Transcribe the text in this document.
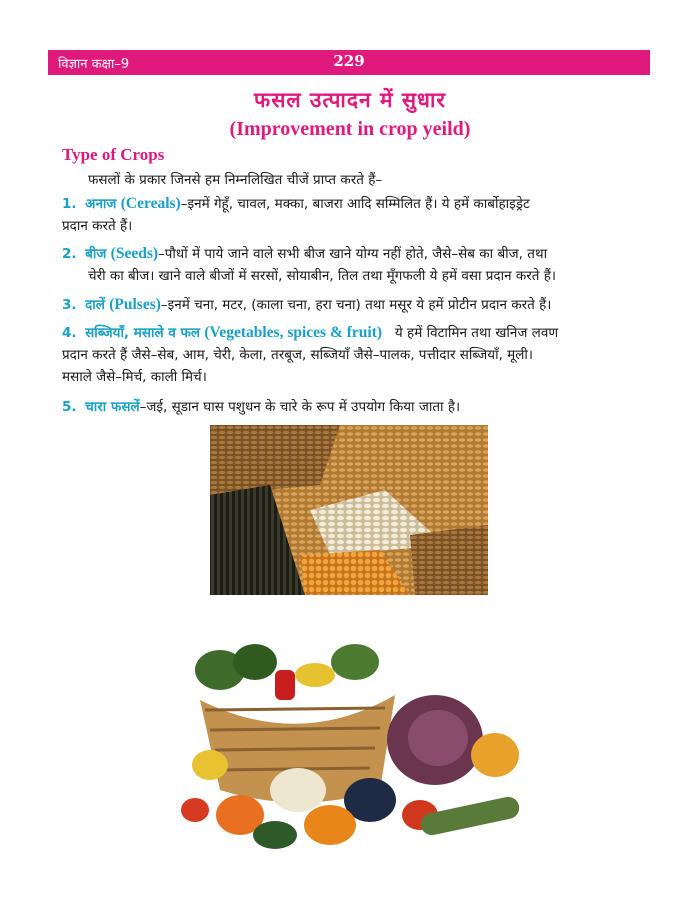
विज्ञान कक्षा–9	229
फसल उत्पादन में सुधार
(Improvement in crop yeild)
Type of Crops
फसलों के प्रकार जिनसे हम निम्नलिखित चीजें प्राप्त करते हैं–
1. अनाज (Cereals)–इनमें गेहूँ, चावल, मक्का, बाजरा आदि सम्मिलित हैं। ये हमें कार्बोहाइड्रेट
प्रदान करते हैं।
2. बीज (Seeds)–पौधों में पाये जाने वाले सभी बीज खाने योग्य नहीं होते, जैसे–सेब का बीज, तथा
चेरी का बीज। खाने वाले बीजों में सरसों, सोयाबीन, तिल तथा मूँगफली ये हमें वसा प्रदान करते हैं।
3. दालें (Pulses)–इनमें चना, मटर, (काला चना, हरा चना) तथा मसूर ये हमें प्रोटीन प्रदान करते हैं।
4. सब्जियाँ, मसाले व फल (Vegetables, spices & fruit) ये हमें विटामिन तथा खनिज लवण
प्रदान करते हैं जैसे–सेब, आम, चेरी, केला, तरबूज, सब्जियाँ जैसे–पालक, पत्तीदार सब्जियाँ, मूली।
मसाले जैसे–मिर्च, काली मिर्च।
5. चारा फसलें–जई, सूडान घास पशुधन के चारे के रूप में उपयोग किया जाता है।
